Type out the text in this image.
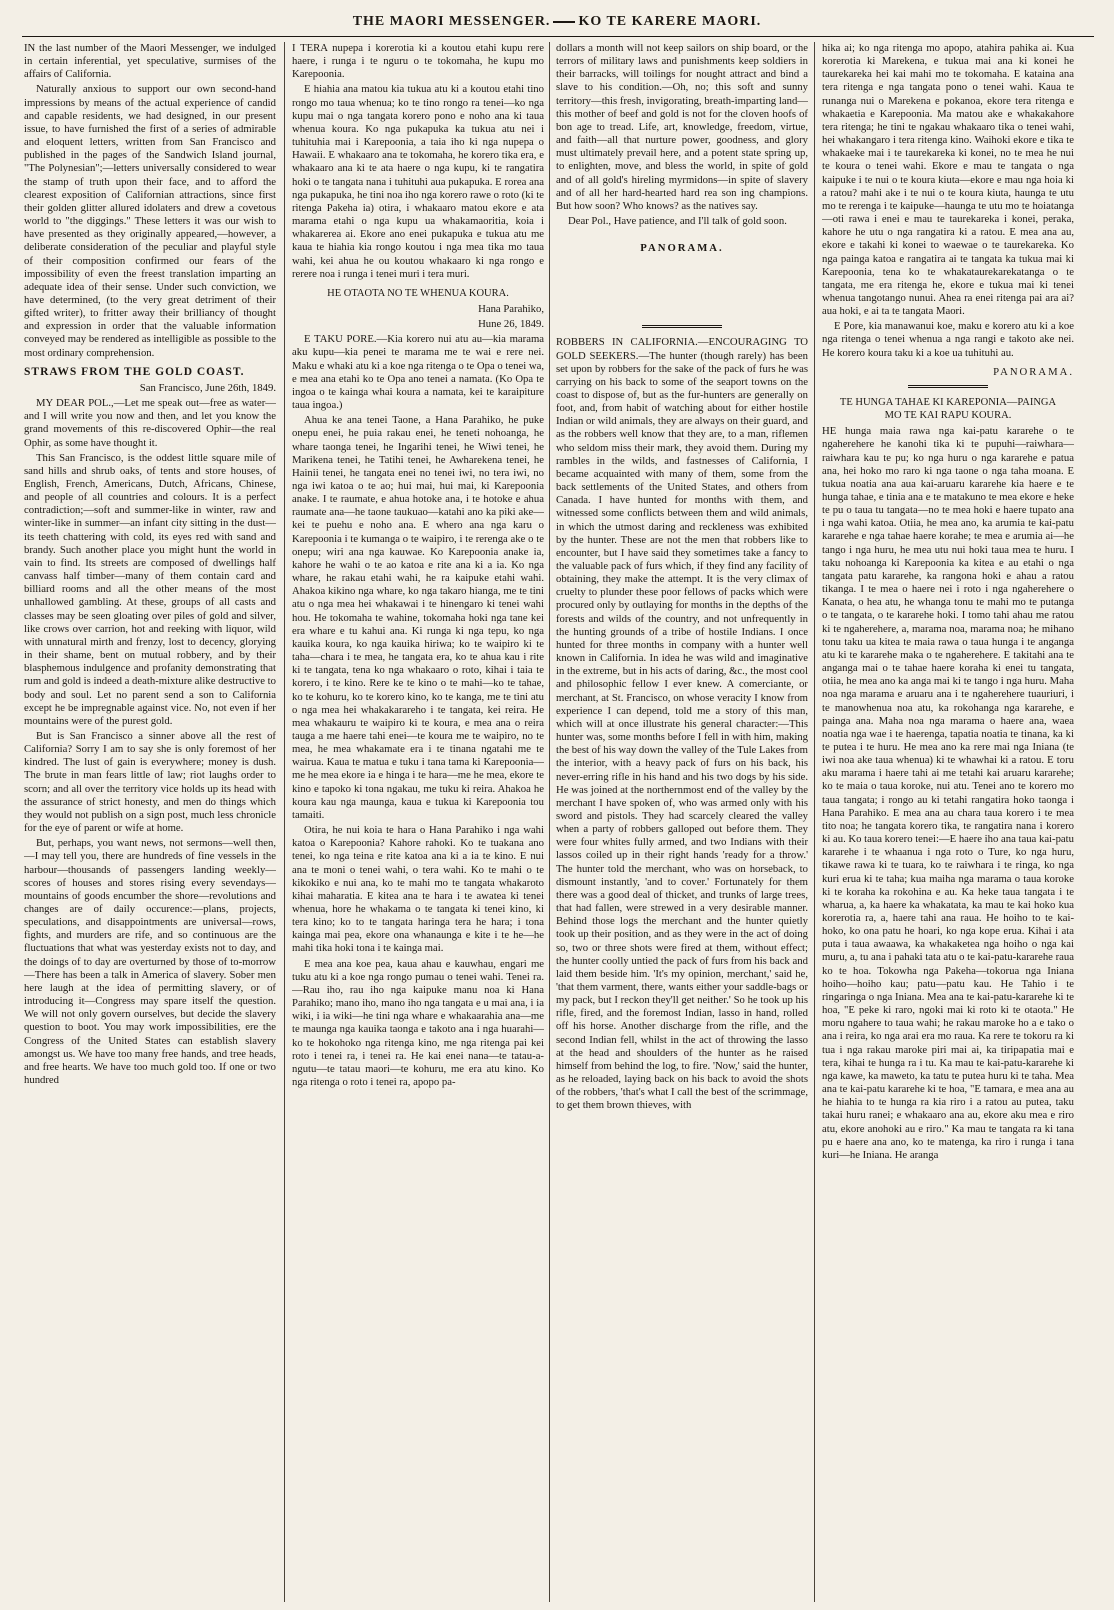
THE MAORI MESSENGER. KO TE KARERE MAORI.

IN the last number of the Maori Messenger, we indulged in certain inferential, yet speculative, surmises of the affairs of California.

Naturally anxious to support our own second-hand impressions by means of the actual experience of candid and capable residents, we had designed, in our present issue, to have furnished the first of a series of admirable and eloquent letters, written from San Francisco and published in the pages of the Sandwich Island journal, "The Polynesian";—letters universally considered to wear the stamp of truth upon their face, and to afford the clearest exposition of Californian attractions, since first their golden glitter allured idolaters and drew a covetous world to "the diggings." These letters it was our wish to have presented as they originally appeared,—however, a deliberate consideration of the peculiar and playful style of their composition confirmed our fears of the impossibility of even the freest translation imparting an adequate idea of their sense. Under such conviction, we have determined, (to the very great detriment of their gifted writer), to fritter away their brilliancy of thought and expression in order that the valuable information conveyed may be rendered as intelligible as possible to the most ordinary comprehension.

STRAWS FROM THE GOLD COAST.

San Francisco, June 26th, 1849.

MY DEAR POL.,—Let me speak out—free as water—and I will write you now and then, and let you know the grand movements of this re-discovered Ophir—the real Ophir, as some have thought it.

This San Francisco, is the oddest little square mile of sand hills and shrub oaks, of tents and store houses, of English, French, Americans, Dutch, Africans, Chinese, and people of all countries and colours. It is a perfect contradiction;—soft and summer-like in winter, raw and winter-like in summer—an infant city sitting in the dust—its teeth chattering with cold, its eyes red with sand and brandy. Such another place you might hunt the world in vain to find. Its streets are composed of dwellings half canvass half timber—many of them contain card and billiard rooms and all the other means of the most unhallowed gambling. At these, groups of all casts and classes may be seen gloating over piles of gold and silver, like crows over carrion, hot and reeking with liquor, wild with unnatural mirth and frenzy, lost to decency, glorying in their shame, bent on mutual robbery, and by their blasphemous indulgence and profanity demonstrating that rum and gold is indeed a death-mixture alike destructive to body and soul. Let no parent send a son to California except he be impregnable against vice. No, not even if her mountains were of the purest gold.

But is San Francisco a sinner above all the rest of California? Sorry I am to say she is only foremost of her kindred. The lust of gain is everywhere; money is dush. The brute in man fears little of law; riot laughs order to scorn; and all over the territory vice holds up its head with the assurance of strict honesty, and men do things which they would not publish on a sign post, much less chronicle for the eye of parent or wife at home.

But, perhaps, you want news, not sermons—well then,—I may tell you, there are hundreds of fine vessels in the harbour—thousands of passengers landing weekly—scores of houses and stores rising every sevendays—mountains of goods encumber the shore—revolutions and changes are of daily occurence:—plans, projects, speculations, and disappointments are universal—rows, fights, and murders are rife, and so continuous are the fluctuations that what was yesterday exists not to day, and the doings of to day are overturned by those of to-morrow—There has been a talk in America of slavery. Sober men here laugh at the idea of permitting slavery, or of introducing it—Congress may spare itself the question. We will not only govern ourselves, but decide the slavery question to boot. You may work impossibilities, ere the Congress of the United States can establish slavery amongst us. We have too many free hands, and tree heads, and free hearts. We have too much gold too. If one or two hundred

I TERA nupepa i korerotia ki a koutou etahi kupu rere haere, i runga i te nguru o te tokomaha, he kupu mo Karepoonia.

E hiahia ana matou kia tukua atu ki a koutou etahi tino rongo mo taua whenua; ko te tino rongo ra tenei—ko nga kupu mai o nga tangata korero pono e noho ana ki taua whenua koura. Ko nga pukapuka ka tukua atu nei i tuhituhia mai i Karepoonia, a taia iho ki nga nupepa o Hawaii. E whakaaro ana te tokomaha, he korero tika era, e whakaaro ana ki te ata haere o nga kupu, ki te rangatira hoki o te tangata nana i tuhituhi aua pukapuka. E rorea ana nga pukapuka, he tini noa iho nga korero rawe o roto (ki te ritenga Pakeha ia) otira, i whakaaro matou ekore e ata marama etahi o nga kupu ua whakamaoritia, koia i whakarerea ai. Ekore ano enei pukapuka e tukua atu me kaua te hiahia kia rongo koutou i nga mea tika mo taua wahi, kei ahua he ou koutou whakaaro ki nga rongo e rerere noa i runga i tenei muri i tera muri.

HE OTAOTA NO TE WHENUA KOURA.

Hana Parahiko,

Hune 26, 1849.

E TAKU PORE.—Kia korero nui atu au—kia marama aku kupu—kia penei te marama me te wai e rere nei. Maku e whaki atu ki a koe nga ritenga o te Opa o tenei wa, e mea ana etahi ko te Opa ano tenei a namata. (Ko Opa te ingoa o te kainga whai koura a namata, kei te karaipiture taua ingoa.)

Ahua ke ana tenei Taone, a Hana Parahiko, he puke onepu enei, he puia rakau enei, he teneti nohoanga, he whare taonga tenei, he Ingarihi tenei, he Wiwi tenei, he Marikena tenei, he Tatihi tenei, he Awharekena tenei, he Hainii tenei, he tangata enei no tenei iwi, no tera iwi, no nga iwi katoa o te ao; hui mai, hui mai, ki Karepoonia anake. I te raumate, e ahua hotoke ana, i te hotoke e ahua raumate ana—he taone taukuao—katahi ano ka piki ake—kei te puehu e noho ana. E whero ana nga karu o Karepoonia i te kumanga o te waipiro, i te rerenga ake o te onepu; wiri ana nga kauwae. Ko Karepoonia anake ia, kahore he wahi o te ao katoa e rite ana ki a ia. Ko nga whare, he rakau etahi wahi, he ra kaipuke etahi wahi. Ahakoa kikino nga whare, ko nga takaro hianga, me te tini atu o nga mea hei whakawai i te hinengaro ki tenei wahi hou. He tokomaha te wahine, tokomaha hoki nga tane kei era whare e tu kahui ana. Ki runga ki nga tepu, ko nga kauika koura, ko nga kauika hiriwa; ko te waipiro ki te taha—chara i te mea, he tangata era, ko te ahua kau i rite ki te tangata, tena ko nga whakaaro o roto, kihai i taia te korero, i te kino. Rere ke te kino o te mahi—ko te tahae, ko te kohuru, ko te korero kino, ko te kanga, me te tini atu o nga mea hei whakakarareho i te tangata, kei reira. He mea whakauru te waipiro ki te koura, e mea ana o reira tauga a me haere tahi enei—te koura me te waipiro, no te mea, he mea whakamate era i te tinana ngatahi me te wairua. Kaua te matua e tuku i tana tama ki Karepoonia—me he mea ekore ia e hinga i te hara—me he mea, ekore te kino e tapoko ki tona ngakau, me tuku ki reira. Ahakoa he koura kau nga maunga, kaua e tukua ki Karepoonia tou tamaiti.

Otira, he nui koia te hara o Hana Parahiko i nga wahi katoa o Karepoonia? Kahore rahoki. Ko te tuakana ano tenei, ko nga teina e rite katoa ana ki a ia te kino. E nui ana te moni o tenei wahi, o tera wahi. Ko te mahi o te kikokiko e nui ana, ko te mahi mo te tangata whakaroto kihai maharatia. E kitea ana te hara i te awatea ki tenei whenua, hore he whakama o te tangata ki tenei kino, ki tera kino; ko to te tangata haringa tera he hara; i tona kainga mai pea, ekore ona whanaunga e kite i te he—he mahi tika hoki tona i te kainga mai.

E mea ana koe pea, kaua ahau e kauwhau, engari me tuku atu ki a koe nga rongo pumau o tenei wahi. Tenei ra.—Rau iho, rau iho nga kaipuke manu noa ki Hana Parahiko; mano iho, mano iho nga tangata e u mai ana, i ia wiki, i ia wiki—he tini nga whare e whakaarahia ana—me te maunga nga kauika taonga e takoto ana i nga huarahi—ko te hokohoko nga ritenga kino, me nga ritenga pai kei roto i tenei ra, i tenei ra. He kai enei nana—te tatau-a-ngutu—te tatau maori—te kohuru, me era atu kino. Ko nga ritenga o roto i tenei ra, apopo pa-

dollars a month will not keep sailors on ship board, or the terrors of military laws and punishments keep soldiers in their barracks, will toilings for nought attract and bind a slave to his condition.—Oh, no; this soft and sunny territory—this fresh, invigorating, breath-imparting land—this mother of beef and gold is not for the cloven hoofs of bon age to tread. Life, art, knowledge, freedom, virtue, and faith—all that nurture power, goodness, and glory must ultimately prevail here, and a potent state spring up, to enlighten, move, and bless the world, in spite of gold and of all gold's hireling myrmidons—in spite of slavery and of all her hard-hearted hard rea son ing champions. But how soon? Who knows? as the natives say.

Dear Pol., Have patience, and I'll talk of gold soon.

PANORAMA.

ROBBERS IN CALIFORNIA.—ENCOURAGING TO GOLD SEEKERS.—The hunter (though rarely) has been set upon by robbers for the sake of the pack of furs he was carrying on his back to some of the seaport towns on the coast to dispose of, but as the fur-hunters are generally on foot, and, from habit of watching about for either hostile Indian or wild animals, they are always on their guard, and as the robbers well know that they are, to a man, riflemen who seldom miss their mark, they avoid them. During my rambles in the wilds, and fastnesses of California, I became acquainted with many of them, some from the back settlements of the United States, and others from Canada. I have hunted for months with them, and witnessed some conflicts between them and wild animals, in which the utmost daring and reckleness was exhibited by the hunter. These are not the men that robbers like to encounter, but I have said they sometimes take a fancy to the valuable pack of furs which, if they find any facility of obtaining, they make the attempt. It is the very climax of cruelty to plunder these poor fellows of packs which were procured only by outlaying for months in the depths of the forests and wilds of the country, and not unfrequently in the hunting grounds of a tribe of hostile Indians. I once hunted for three months in company with a hunter well known in California. In idea he was wild and imaginative in the extreme, but in his acts of daring, &c., the most cool and philosophic fellow I ever knew. A comerciante, or merchant, at St. Francisco, on whose veracity I know from experience I can depend, told me a story of this man, which will at once illustrate his general character:—This hunter was, some months before I fell in with him, making the best of his way down the valley of the Tule Lakes from the interior, with a heavy pack of furs on his back, his never-erring rifle in his hand and his two dogs by his side. He was joined at the northernmost end of the valley by the merchant I have spoken of, who was armed only with his sword and pistols. They had scarcely cleared the valley when a party of robbers galloped out before them. They were four whites fully armed, and two Indians with their lassos coiled up in their right hands 'ready for a throw.' The hunter told the merchant, who was on horseback, to dismount instantly, 'and to cover.' Fortunately for them there was a good deal of thicket, and trunks of large trees, that had fallen, were strewed in a very desirable manner. Behind those logs the merchant and the hunter quietly took up their position, and as they were in the act of doing so, two or three shots were fired at them, without effect; the hunter coolly untied the pack of furs from his back and laid them beside him. 'It's my opinion, merchant,' said he, 'that them varment, there, wants either your saddle-bags or my pack, but I reckon they'll get neither.' So he took up his rifle, fired, and the foremost Indian, lasso in hand, rolled off his horse. Another discharge from the rifle, and the second Indian fell, whilst in the act of throwing the lasso at the head and shoulders of the hunter as he raised himself from behind the log, to fire. 'Now,' said the hunter, as he reloaded, laying back on his back to avoid the shots of the robbers, 'that's what I call the best of the scrimmage, to get them brown thieves, with

hika ai; ko nga ritenga mo apopo, atahira pahika ai. Kua korerotia ki Marekena, e tukua mai ana ki konei he taurekareka hei kai mahi mo te tokomaha. E kataina ana tera ritenga e nga tangata pono o tenei wahi. Kaua te runanga nui o Marekena e pokanoa, ekore tera ritenga e whakaetia e Karepoonia. Ma matou ake e whakakahore tera ritenga; he tini te ngakau whakaaro tika o tenei wahi, hei whakangaro i tera ritenga kino. Waihoki ekore e tika te whakaeke mai i te taurekareka ki konei, no te mea he nui te koura o tenei wahi. Ekore e mau te tangata o nga kaipuke i te nui o te koura kiuta—ekore e mau nga hoia ki a ratou? mahi ake i te nui o te koura kiuta, haunga te utu mo te rerenga i te kaipuke—haunga te utu mo te hoiatanga—oti rawa i enei e mau te taurekareka i konei, peraka, kahore he utu o nga rangatira ki a ratou. E mea ana au, ekore e takahi ki konei to waewae o te taurekareka. Ko nga painga katoa e rangatira ai te tangata ka tukua mai ki Karepoonia, tena ko te whakataurekarekatanga o te tangata, me era ritenga he, ekore e tukua mai ki tenei whenua tangotango nunui. Ahea ra enei ritenga pai ara ai? aua hoki, e ai ta te tangata Maori.

E Pore, kia manawanui koe, maku e korero atu ki a koe nga ritenga o tenei whenua a nga rangi e takoto ake nei. He korero koura taku ki a koe ua tuhituhi au.

PANORAMA.

TE HUNGA TAHAE KI KAREPONIA—PAINGA

MO TE KAI RAPU KOURA.

HE hunga maia rawa nga kai-patu kararehe o te ngaherehere he kanohi tika ki te pupuhi—raiwhara—raiwhara kau te pu; ko nga huru o nga kararehe e patua ana, hei hoko mo raro ki nga taone o nga taha moana. E tukua noatia ana aua kai-aruaru kararehe kia haere e te hunga tahae, e tinia ana e te matakuno te mea ekore e heke te pu o taua tu tangata—no te mea hoki e haere tupato ana i nga wahi katoa. Otiia, he mea ano, ka arumia te kai-patu kararehe e nga tahae haere korahe; te mea e arumia ai—he tango i nga huru, he mea utu nui hoki taua mea te huru. I taku nohoanga ki Karepoonia ka kitea e au etahi o nga tangata patu kararehe, ka rangona hoki e ahau a ratou tikanga. I te mea o haere nei i roto i nga ngaherehere o Kanata, o hea atu, he whanga tonu te mahi mo te putanga o te tangata, o te kararehe hoki. I tomo tahi ahau me ratou ki te ngaherehere, a, marama noa, marama noa; he mihano tonu taku ua kitea te maia rawa o taua hunga i te anganga atu ki te kararehe maka o te ngaherehere. E takitahi ana te anganga mai o te tahae haere koraha ki enei tu tangata, otiia, he mea ano ka anga mai ki te tango i nga huru. Maha noa nga marama e aruaru ana i te ngaherehere tuauriuri, i te manowhenua noa atu, ka rokohanga nga kararehe, e painga ana. Maha noa nga marama o haere ana, waea noatia nga wae i te haerenga, tapatia noatia te tinana, ka ki te putea i te huru. He mea ano ka rere mai nga Iniana (te iwi noa ake taua whenua) ki te whawhai ki a ratou. E toru aku marama i haere tahi ai me tetahi kai aruaru kararehe; ko te maia o taua koroke, nui atu. Tenei ano te korero mo taua tangata; i rongo au ki tetahi rangatira hoko taonga i Hana Parahiko. E mea ana au chara taua korero i te mea tito noa; he tangata korero tika, te rangatira nana i korero ki au. Ko taua korero tenei:—E haere iho ana taua kai-patu kararehe i te whaanua i nga roto o Ture, ko nga huru, tikawe rawa ki te tuara, ko te raiwhara i te ringa, ko nga kuri erua ki te taha; kua maiha nga marama o taua koroke ki te koraha ka rokohina e au. Ka heke taua tangata i te wharua, a, ka haere ka whakatata, ka mau te kai hoko kua korerotia ra, a, haere tahi ana raua. He hoiho to te kai-hoko, ko ona patu he hoari, ko nga kope erua. Kihai i ata puta i taua awaawa, ka whakaketea nga hoiho o nga kai muru, a, tu ana i pahaki tata atu o te kai-patu-kararehe raua ko te hoa. Tokowha nga Pakeha—tokorua nga Iniana hoiho—hoiho kau; patu—patu kau. He Tahio i te ringaringa o nga Iniana. Mea ana te kai-patu-kararehe ki te hoa, "E peke ki raro, ngoki mai ki roto ki te otaota." He moru ngahere to taua wahi; he rakau maroke ho a e tako o ana i reira, ko nga arai era mo raua. Ka rere te tokoru ra ki tua i nga rakau maroke piri mai ai, ka tiripapatia mai e tera, kihai te hunga ra i tu. Ka mau te kai-patu-kararehe ki nga kawe, ka maweto, ka tatu te putea huru ki te taha. Mea ana te kai-patu kararehe ki te hoa, "E tamara, e mea ana au he hiahia to te hunga ra kia riro i a ratou au putea, taku takai huru ranei; e whakaaro ana au, ekore aku mea e riro atu, ekore anohoki au e riro." Ka mau te tangata ra ki tana pu e haere ana ano, ko te matenga, ka riro i runga i tana kuri—he Iniana. He aranga
